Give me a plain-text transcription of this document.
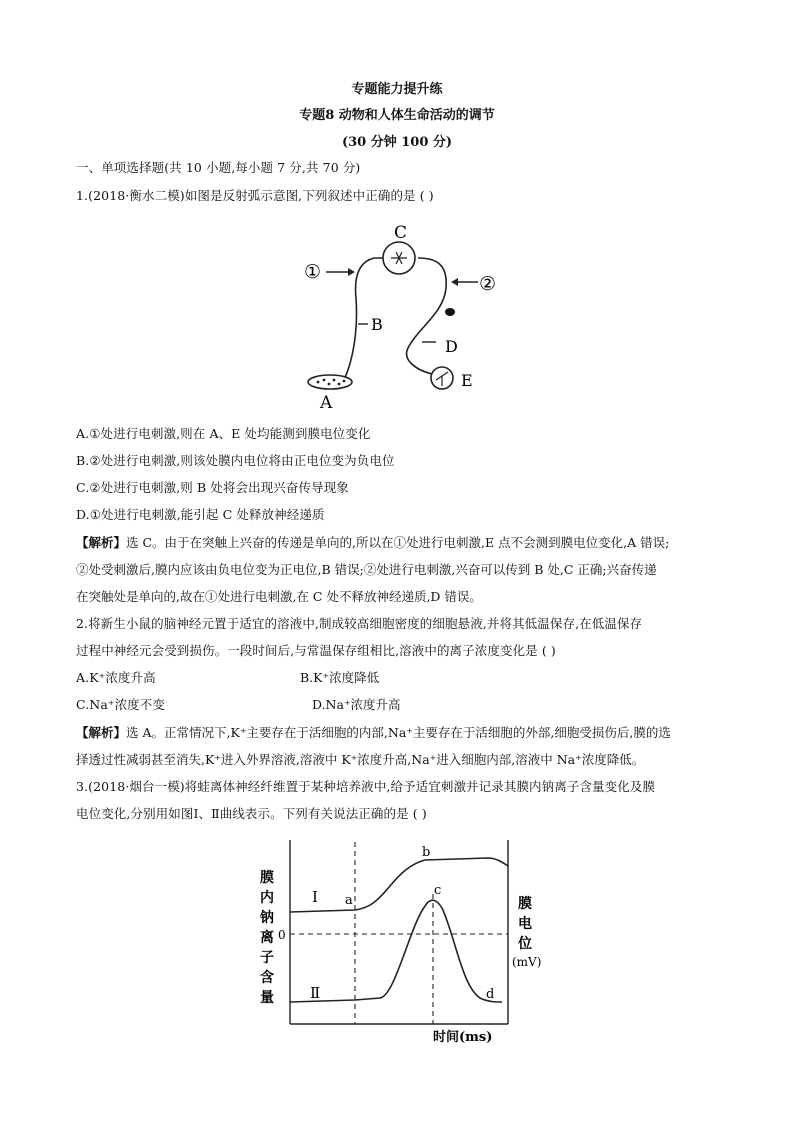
专题能力提升练
专题8 动物和人体生命活动的调节
(30 分钟 100 分)
一、单项选择题(共 10 小题,每小题 7 分,共 70 分)
1.(2018·衡水二模)如图是反射弧示意图,下列叙述中正确的是 ( )
C
B
A
D
E
①
②
A.①处进行电刺激,则在 A、E 处均能测到膜电位变化
B.②处进行电刺激,则该处膜内电位将由正电位变为负电位
C.②处进行电刺激,则 B 处将会出现兴奋传导现象
D.①处进行电刺激,能引起 C 处释放神经递质
【解析】选 C。由于在突触上兴奋的传递是单向的,所以在①处进行电刺激,E 点不会测到膜电位变化,A 错误;
②处受刺激后,膜内应该由负电位变为正电位,B 错误;②处进行电刺激,兴奋可以传到 B 处,C 正确;兴奋传递
在突触处是单向的,故在①处进行电刺激,在 C 处不释放神经递质,D 错误。
2.将新生小鼠的脑神经元置于适宜的溶液中,制成较高细胞密度的细胞悬液,并将其低温保存,在低温保存
过程中神经元会受到损伤。一段时间后,与常温保存组相比,溶液中的离子浓度变化是 ( )
A.K⁺浓度升高	B.K⁺浓度降低
C.Na⁺浓度不变	D.Na⁺浓度升高
【解析】选 A。正常情况下,K⁺主要存在于活细胞的内部,Na⁺主要存在于活细胞的外部,细胞受损伤后,膜的选
择透过性减弱甚至消失,K⁺进入外界溶液,溶液中 K⁺浓度升高,Na⁺进入细胞内部,溶液中 Na⁺浓度降低。
3.(2018·烟台一模)将蛙离体神经纤维置于某种培养液中,给予适宜刺激并记录其膜内钠离子含量变化及膜
电位变化,分别用如图Ⅰ、Ⅱ曲线表示。下列有关说法正确的是 ( )
膜
内
钠
离
子
含
量
0
膜
电
位
(mV)
时间(ms)
Ⅰ
Ⅱ
a
b
c
d
